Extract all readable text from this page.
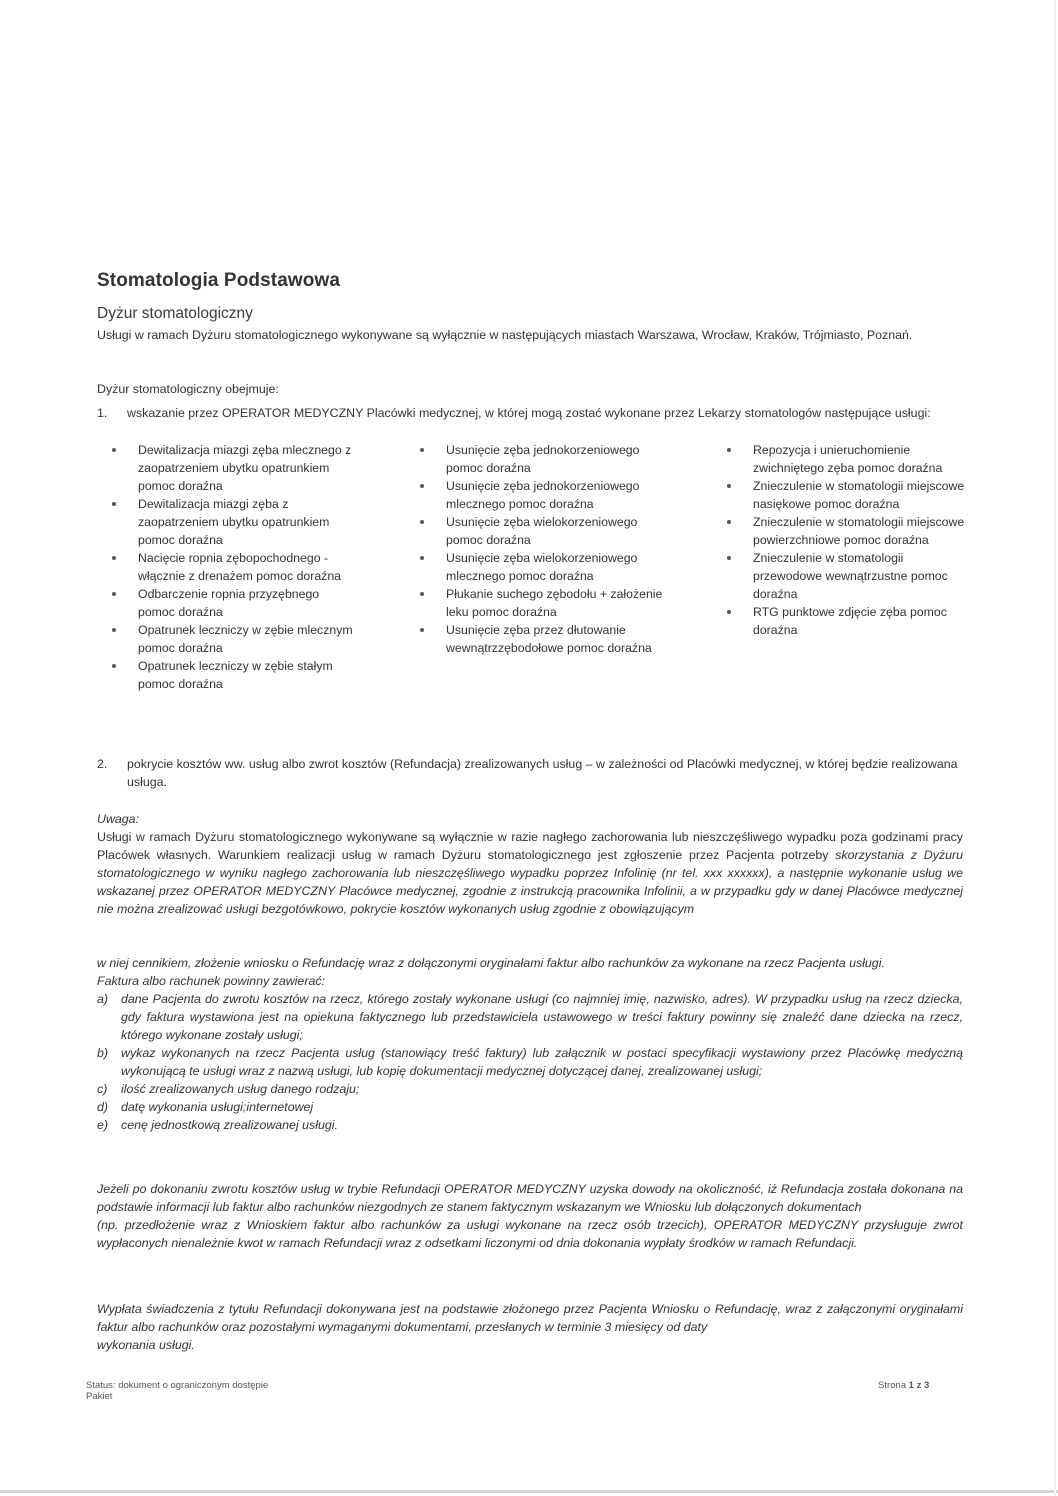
Stomatologia Podstawowa
Dyżur stomatologiczny
Usługi w ramach Dyżuru stomatologicznego wykonywane są wyłącznie w następujących miastach Warszawa, Wrocław, Kraków, Trójmiasto, Poznań.
Dyżur stomatologiczny obejmuje:
1.	wskazanie przez OPERATOR MEDYCZNY Placówki medycznej, w której mogą zostać wykonane przez Lekarzy stomatologów następujące usługi:
Dewitalizacja miazgi zęba mlecznego z zaopatrzeniem ubytku opatrunkiem pomoc doraźna
Dewitalizacja miazgi zęba z zaopatrzeniem ubytku opatrunkiem pomoc doraźna
Nacięcie ropnia zębopochodnego - włącznie z drenażem pomoc doraźna
Odbarczenie ropnia przyzębnego pomoc doraźna
Opatrunek leczniczy w zębie mlecznym pomoc doraźna
Opatrunek leczniczy w zębie stałym pomoc doraźna
Usunięcie zęba jednokorzeniowego pomoc doraźna
Usunięcie zęba jednokorzeniowego mlecznego pomoc doraźna
Usunięcie zęba wielokorzeniowego pomoc doraźna
Usunięcie zęba wielokorzeniowego mlecznego pomoc doraźna
Płukanie suchego zębodołu + założenie leku pomoc doraźna
Usunięcie zęba przez dłutowanie wewnątrzzębodołowe pomoc doraźna
Repozycja i unieruchomienie zwichniętego zęba pomoc doraźna
Znieczulenie w stomatologii miejscowe nasiękowe pomoc doraźna
Znieczulenie w stomatologii miejscowe powierzchniowe pomoc doraźna
Znieczulenie w stomatologii przewodowe wewnątrzustne pomoc doraźna
RTG punktowe zdjęcie zęba pomoc doraźna
2.	pokrycie kosztów ww. usług albo zwrot kosztów (Refundacja) zrealizowanych usług – w zależności od Placówki medycznej, w której będzie realizowana usługa.
Uwaga:
Usługi w ramach Dyżuru stomatologicznego wykonywane są wyłącznie w razie nagłego zachorowania lub nieszczęśliwego wypadku poza godzinami pracy Placówek własnych. Warunkiem realizacji usług w ramach Dyżuru stomatologicznego jest zgłoszenie przez Pacjenta potrzeby skorzystania z Dyżuru stomatologicznego w wyniku nagłego zachorowania lub nieszczęśliwego wypadku poprzez Infolinię (nr tel. xxx xxxxxx), a następnie wykonanie usług we wskazanej przez OPERATOR MEDYCZNY Placówce medycznej, zgodnie z instrukcją pracownika Infolinii, a w przypadku gdy w danej Placówce medycznej nie można zrealizować usługi bezgotówkowo, pokrycie kosztów wykonanych usług zgodnie z obowiązującym
w niej cennikiem, złożenie wniosku o Refundację wraz z dołączonymi oryginałami faktur albo rachunków za wykonane na rzecz Pacjenta usługi.
Faktura albo rachunek powinny zawierać:
a) dane Pacjenta do zwrotu kosztów na rzecz, którego zostały wykonane usługi (co najmniej imię, nazwisko, adres). W przypadku usług na rzecz dziecka, gdy faktura wystawiona jest na opiekuna faktycznego lub przedstawiciela ustawowego w treści faktury powinny się znaleźć dane dziecka na rzecz, którego wykonane zostały usługi;
b) wykaz wykonanych na rzecz Pacjenta usług (stanowiący treść faktury) lub załącznik w postaci specyfikacji wystawiony przez Placówkę medyczną wykonującą te usługi wraz z nazwą usługi, lub kopię dokumentacji medycznej dotyczącej danej, zrealizowanej usługi;
c) ilość zrealizowanych usług danego rodzaju;
d) datę wykonania usługi;internetowej
e) cenę jednostkową zrealizowanej usługi.
Jeżeli po dokonaniu zwrotu kosztów usług w trybie Refundacji OPERATOR MEDYCZNY uzyska dowody na okoliczność, iż Refundacja została dokonana na podstawie informacji lub faktur albo rachunków niezgodnych ze stanem faktycznym wskazanym we Wniosku lub dołączonych dokumentach
(np. przedłożenie wraz z Wnioskiem faktur albo rachunków za usługi wykonane na rzecz osób trzecich), OPERATOR MEDYCZNY przysługuje zwrot wypłaconych nienależnie kwot w ramach Refundacji wraz z odsetkami liczonymi od dnia dokonania wypłaty środków w ramach Refundacji.
Wypłata świadczenia z tytułu Refundacji dokonywana jest na podstawie złożonego przez Pacjenta Wniosku o Refundację, wraz z załączonymi oryginałami faktur albo rachunków oraz pozostałymi wymaganymi dokumentami, przesłanych w terminie 3 miesięcy od daty
wykonania usługi.
Status: dokument o ograniczonym dostępie
Pakiet
Strona 1 z 3
